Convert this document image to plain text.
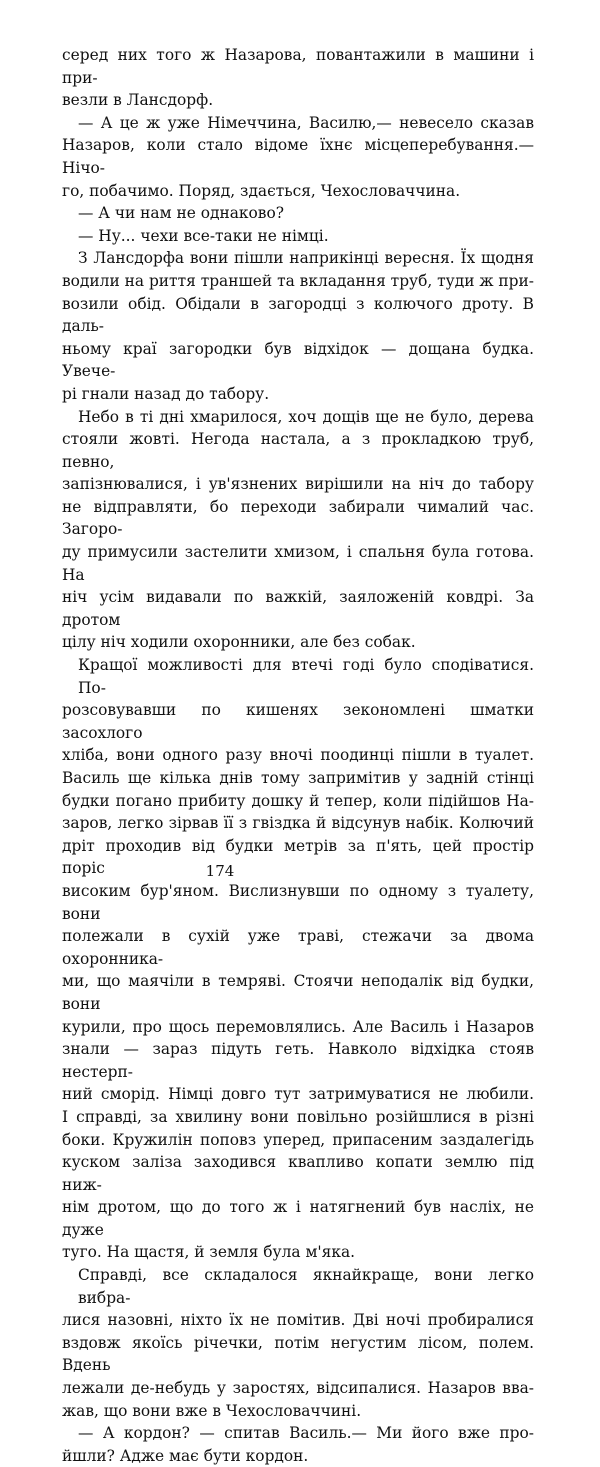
серед них того ж Назарова, повантажили в машини і при-
везли в Лансдорф.

— А це ж уже Німеччина, Василю,— невесело сказав
Назаров, коли стало відоме їхнє місцеперебування.— Нічо-
го, побачимо. Поряд, здається, Чехословаччина.

— А чи нам не однаково?

— Ну... чехи все-таки не німці.

З Лансдорфа вони пішли наприкінці вересня. Їх щодня
водили на риття траншей та вкладання труб, туди ж при-
возили обід. Обідали в загородці з колючого дроту. В даль-
ньому краї загородки був відхідок — дощана будка. Увече-
рі гнали назад до табору.

Небо в ті дні хмарилося, хоч дощів ще не було, дерева
стояли жовті. Негода настала, а з прокладкою труб, певно,
запізнювалися, і ув'язнених вирішили на ніч до табору
не відправляти, бо переходи забирали чималий час. Загоро-
ду примусили застелити хмизом, і спальня була готова. На
ніч усім видавали по важкій, заяложеній ковдрі. За дротом
цілу ніч ходили охоронники, але без собак.

Кращої можливості для втечі годі було сподіватися. По-
розсовувавши по кишенях зекономлені шматки засохлого
хліба, вони одного разу вночі поодинці пішли в туалет.
Василь ще кілька днів тому запримітив у задній стінці
будки погано прибиту дошку й тепер, коли підійшов На-
заров, легко зірвав її з гвіздка й відсунув набік. Колючий
дріт проходив від будки метрів за п'ять, цей простір поріс
високим бур'яном. Вислизнувши по одному з туалету, вони
полежали в сухій уже траві, стежачи за двома охоронника-
ми, що маячіли в темряві. Стоячи неподалік від будки, вони
курили, про щось перемовлялись. Але Василь і Назаров
знали — зараз підуть геть. Навколо відхідка стояв нестерп-
ний сморід. Німці довго тут затримуватися не любили.
І справді, за хвилину вони повільно розійшлися в різні
боки. Кружилін поповз уперед, припасеним заздалегідь
куском заліза заходився квапливо копати землю під ниж-
нім дротом, що до того ж і натягнений був насліх, не дуже
туго. На щастя, й земля була м'яка.

Справді, все складалося якнайкраще, вони легко вибра-
лися назовні, ніхто їх не помітив. Дві ночі пробиралися
вздовж якоїсь річечки, потім негустим лісом, полем. Вдень
лежали де-небудь у заростях, відсипалися. Назаров вва-
жав, що вони вже в Чехословаччині.

— А кордон? — спитав Василь.— Ми його вже про-
йшли? Адже має бути кордон.

174
